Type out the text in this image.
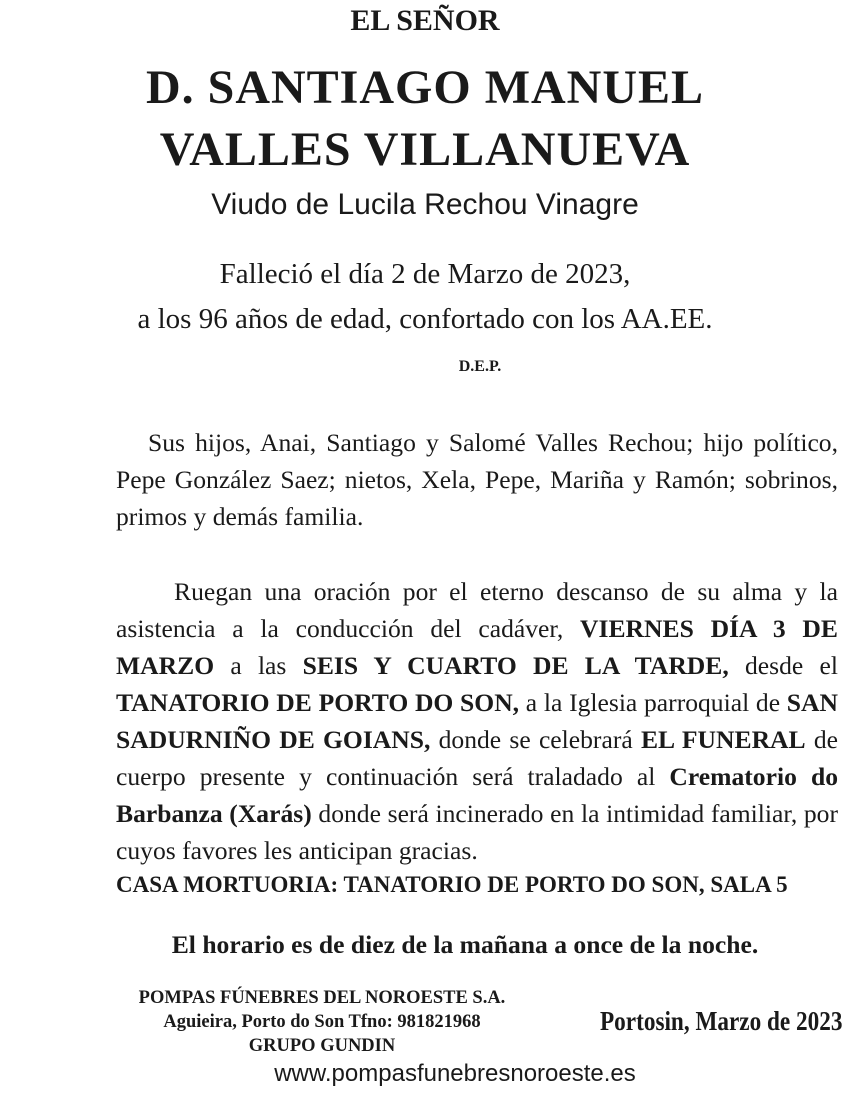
EL SEÑOR
D. SANTIAGO MANUEL
VALLES VILLANUEVA
Viudo de Lucila Rechou Vinagre
Falleció el día 2 de Marzo de 2023,
a los 96 años de edad, confortado con los AA.EE.
D.E.P.

Sus hijos, Anai, Santiago y Salomé Valles Rechou; hijo político, Pepe González Saez; nietos, Xela, Pepe, Mariña y Ramón; sobrinos, primos y demás familia.

Ruegan una oración por el eterno descanso de su alma y la asistencia a la conducción del cadáver, VIERNES DÍA 3 DE MARZO a las SEIS Y CUARTO DE LA TARDE, desde el TANATORIO DE PORTO DO SON, a la Iglesia parroquial de SAN SADURNIÑO DE GOIANS, donde se celebrará EL FUNERAL de cuerpo presente y continuación será traladado al Crematorio do Barbanza (Xarás) donde será incinerado en la intimidad familiar, por cuyos favores les anticipan gracias.

CASA MORTUORIA: TANATORIO DE PORTO DO SON, SALA 5
El horario es de diez de la mañana a once de la noche.
POMPAS FÚNEBRES DEL NOROESTE S.A.
Aguieira, Porto do Son Tfno: 981821968
GRUPO GUNDIN
Portosin, Marzo de 2023
www.pompasfunebresnoroeste.es
